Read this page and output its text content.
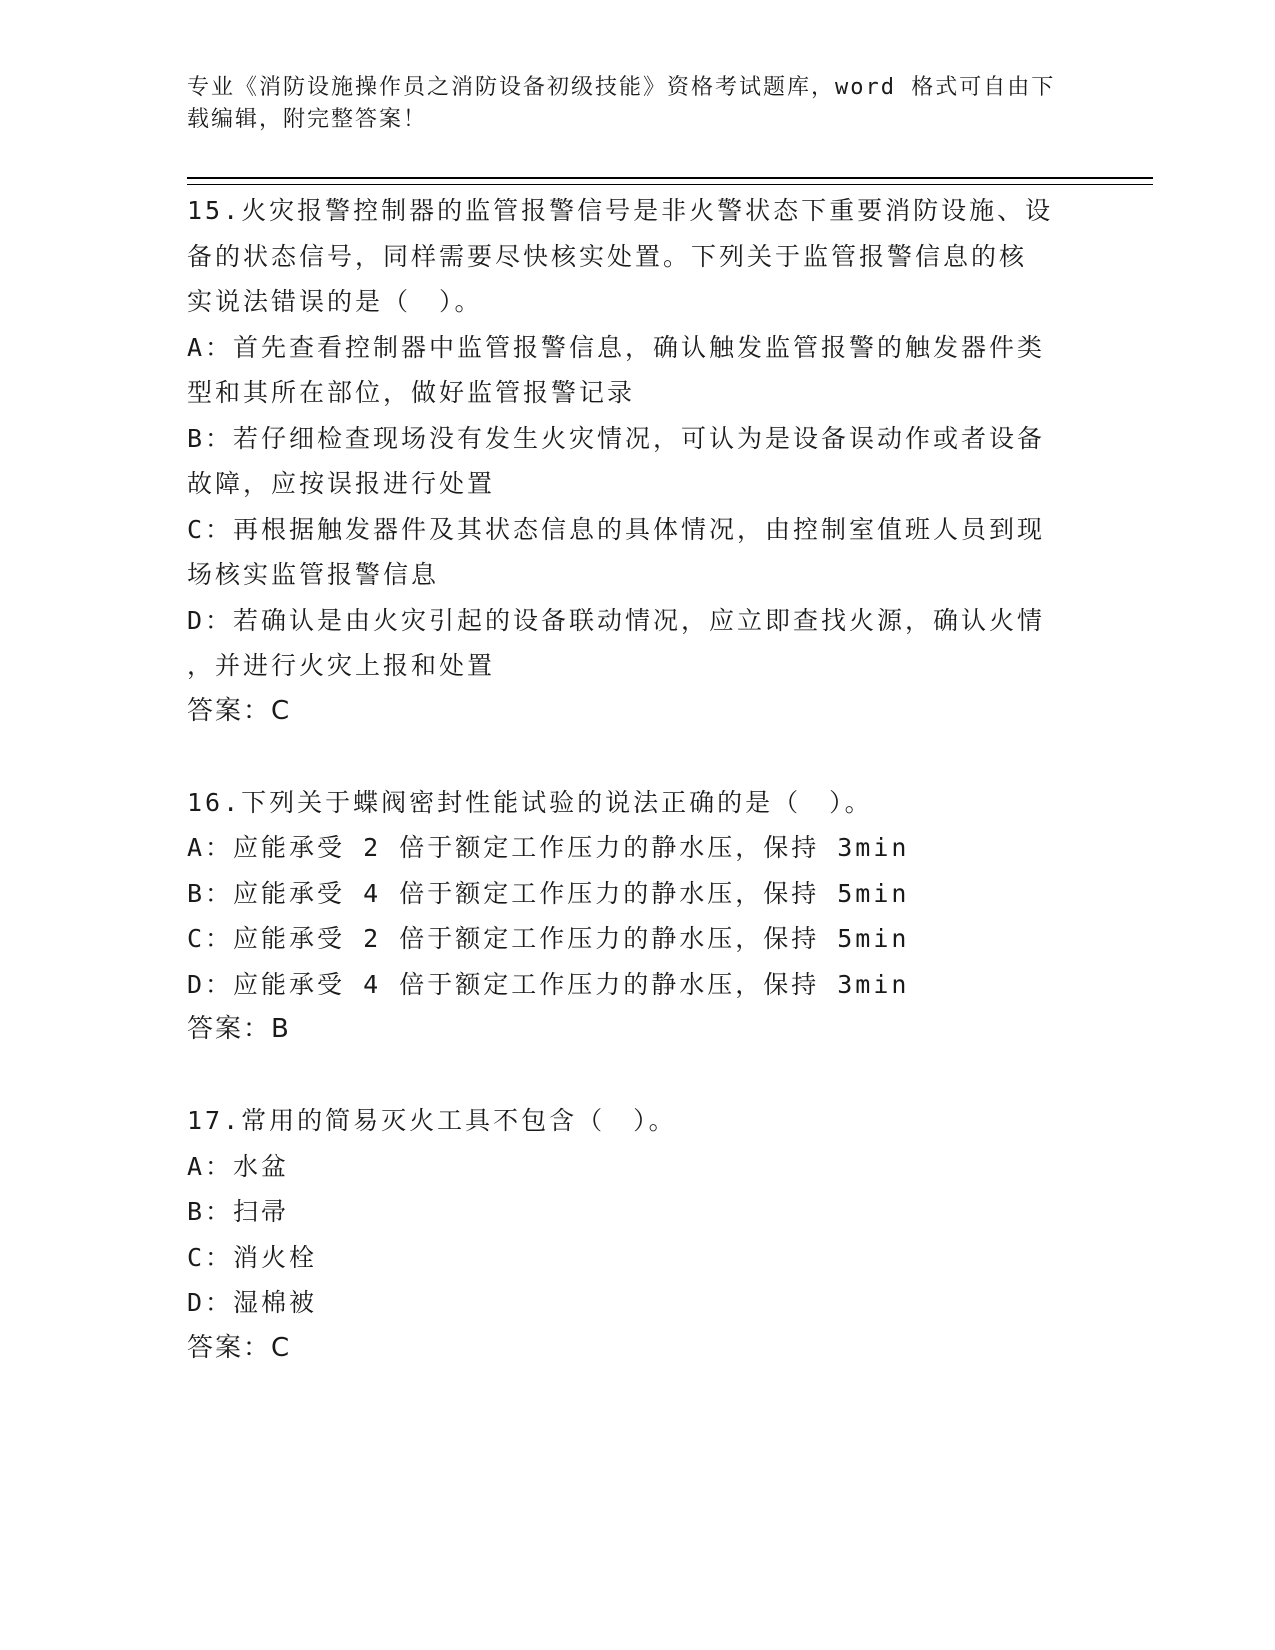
专业《消防设施操作员之消防设备初级技能》资格考试题库，word 格式可自由下
载编辑，附完整答案！
15.火灾报警控制器的监管报警信号是非火警状态下重要消防设施、设
备的状态信号，同样需要尽快核实处置。下列关于监管报警信息的核
实说法错误的是（　）。
A：首先查看控制器中监管报警信息，确认触发监管报警的触发器件类
型和其所在部位，做好监管报警记录
B：若仔细检查现场没有发生火灾情况，可认为是设备误动作或者设备
故障，应按误报进行处置
C：再根据触发器件及其状态信息的具体情况，由控制室值班人员到现
场核实监管报警信息
D：若确认是由火灾引起的设备联动情况，应立即查找火源，确认火情
，并进行火灾上报和处置
答案：C
16.下列关于蝶阀密封性能试验的说法正确的是（　）。
A：应能承受 2 倍于额定工作压力的静水压，保持 3min
B：应能承受 4 倍于额定工作压力的静水压，保持 5min
C：应能承受 2 倍于额定工作压力的静水压，保持 5min
D：应能承受 4 倍于额定工作压力的静水压，保持 3min
答案：B
17.常用的简易灭火工具不包含（　）。
A：水盆
B：扫帚
C：消火栓
D：湿棉被
答案：C
